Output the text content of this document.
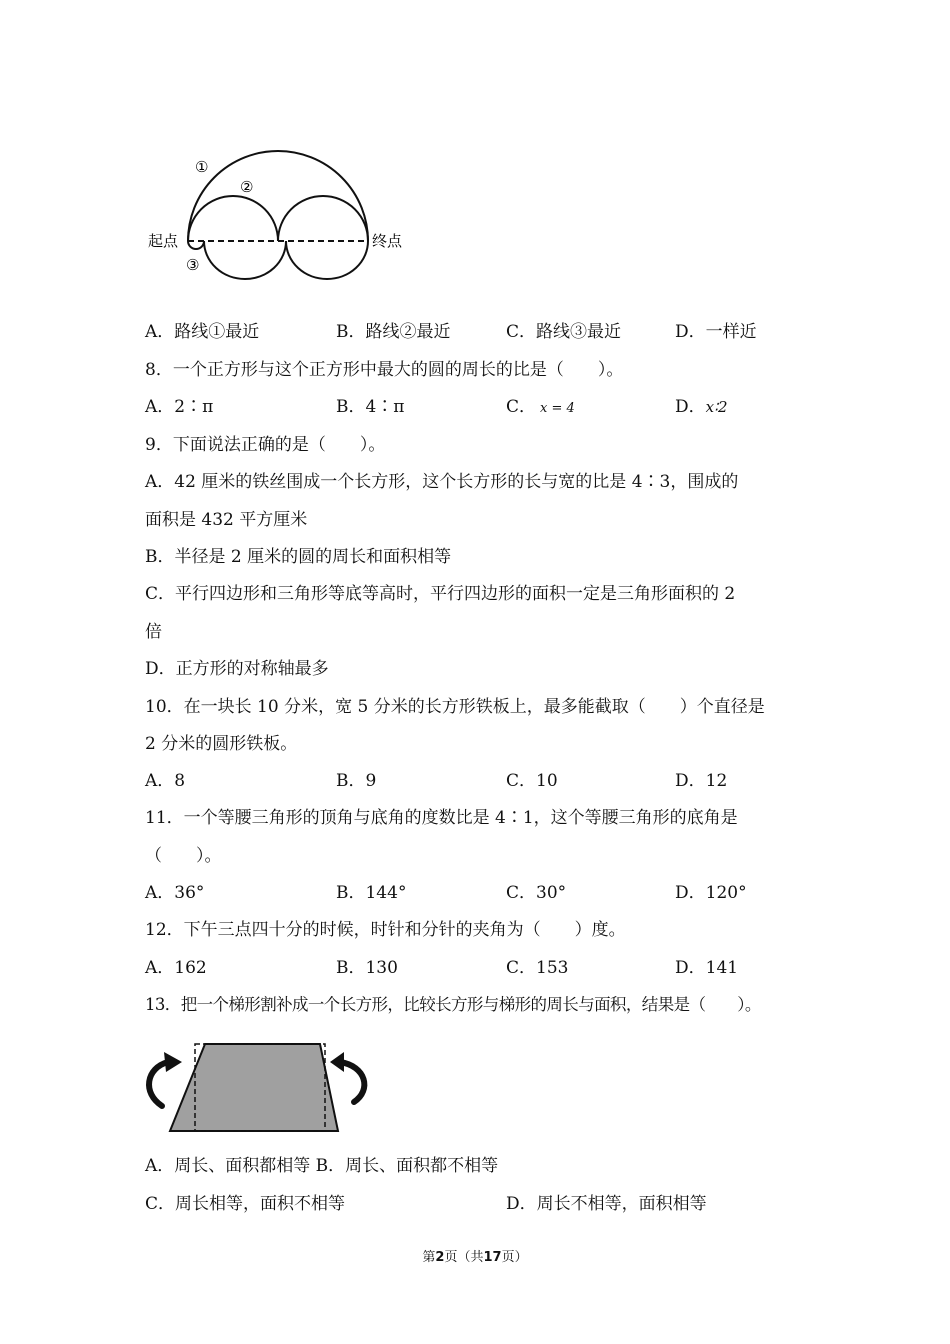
起点	终点
①
②
③
A．路线①最近	B．路线②最近	C．路线③最近	D．一样近
8．一个正方形与这个正方形中最大的圆的周长的比是（　　）。
A．2∶π	B．4∶π	C． x = 4	D．x∶2
9．下面说法正确的是（　　）。
A．42 厘米的铁丝围成一个长方形，这个长方形的长与宽的比是 4∶3，围成的
面积是 432 平方厘米
B．半径是 2 厘米的圆的周长和面积相等
C．平行四边形和三角形等底等高时，平行四边形的面积一定是三角形面积的 2
倍
D．正方形的对称轴最多
10．在一块长 10 分米，宽 5 分米的长方形铁板上，最多能截取（　　）个直径是
2 分米的圆形铁板。
A．8	B．9	C．10	D．12
11．一个等腰三角形的顶角与底角的度数比是 4∶1，这个等腰三角形的底角是
（　　）。
A．36°	B．144°	C．30°	D．120°
12．下午三点四十分的时候，时针和分针的夹角为（　　）度。
A．162	B．130	C．153	D．141
13．把一个梯形割补成一个长方形，比较长方形与梯形的周长与面积，结果是（　　）。
A．周长、面积都相等 B．周长、面积都不相等
C．周长相等，面积不相等	D．周长不相等，面积相等
第2页（共17页）
